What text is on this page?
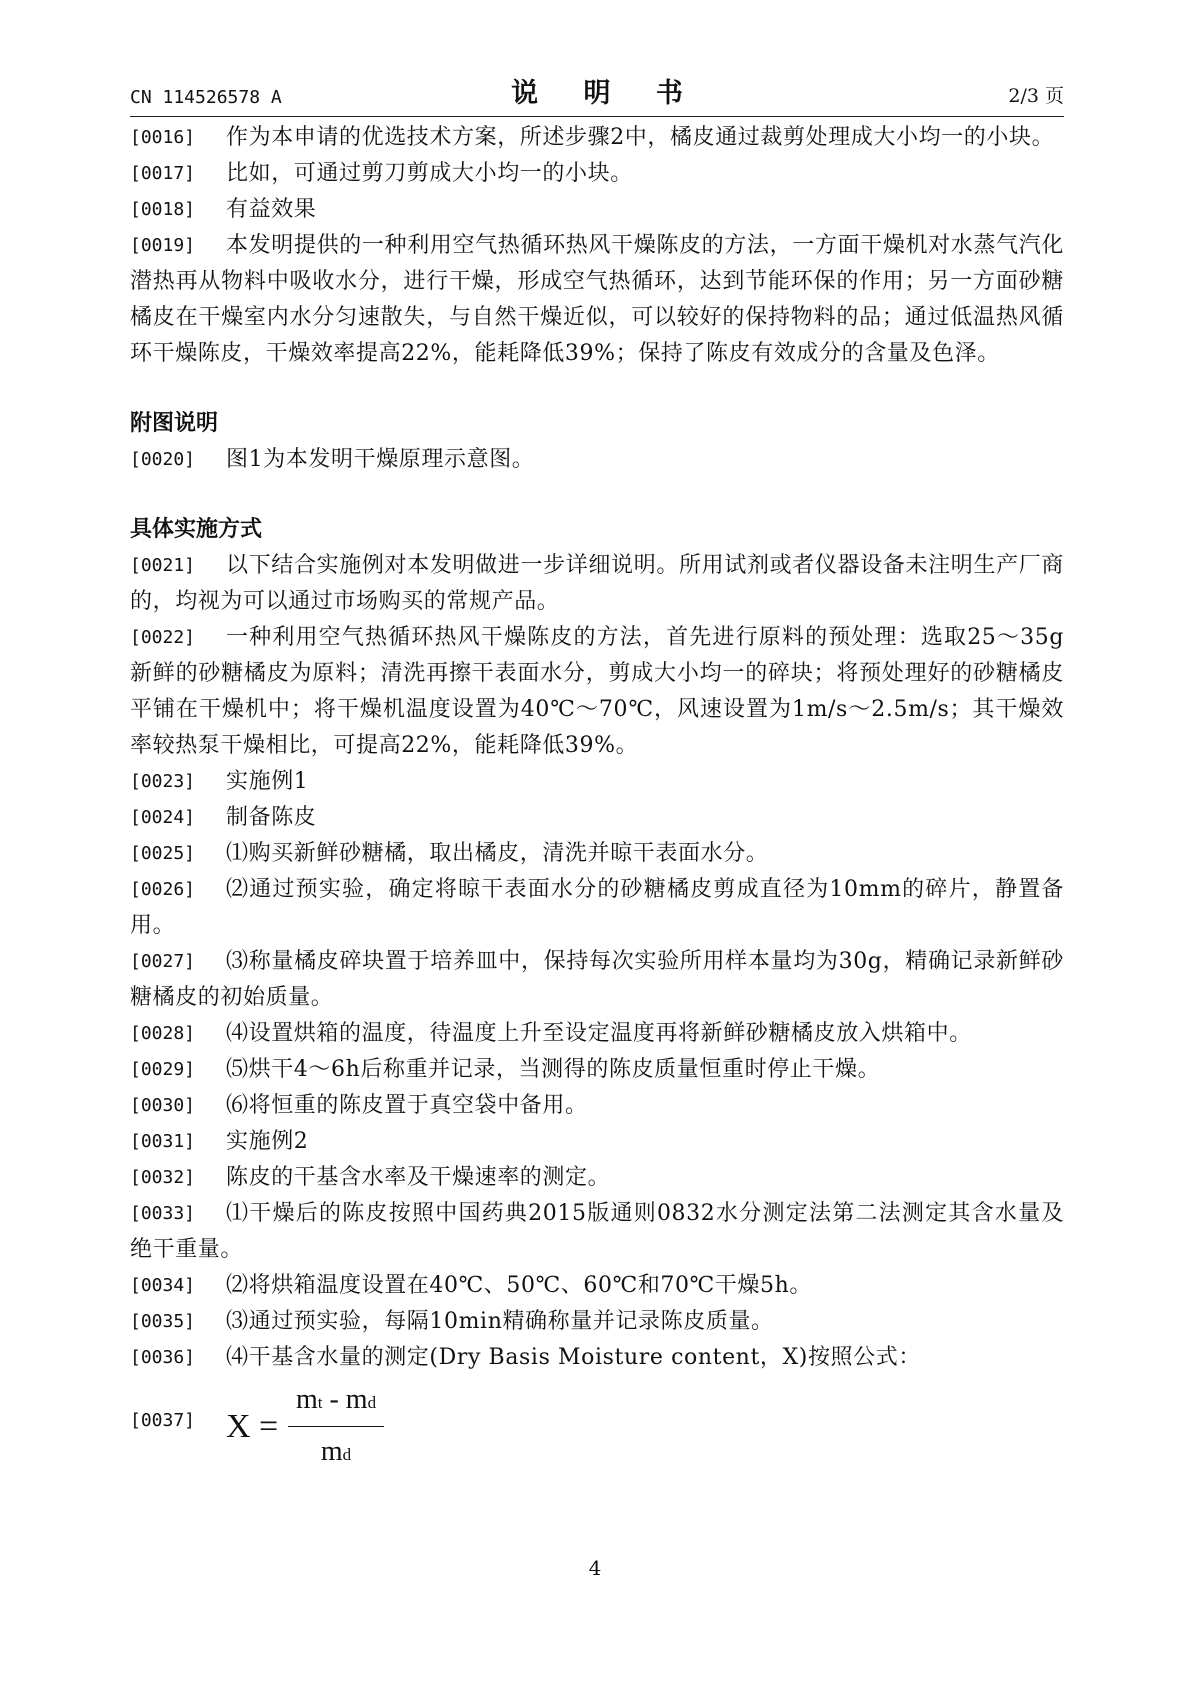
CN 114526578 A	说 明 书	2/3 页
[0016]	作为本申请的优选技术方案，所述步骤2中，橘皮通过裁剪处理成大小均一的小块。
[0017]	比如，可通过剪刀剪成大小均一的小块。
[0018]	有益效果
[0019]	本发明提供的一种利用空气热循环热风干燥陈皮的方法，一方面干燥机对水蒸气汽化潜热再从物料中吸收水分，进行干燥，形成空气热循环，达到节能环保的作用；另一方面砂糖橘皮在干燥室内水分匀速散失，与自然干燥近似，可以较好的保持物料的品；通过低温热风循环干燥陈皮，干燥效率提高22%，能耗降低39%；保持了陈皮有效成分的含量及色泽。
附图说明
[0020]	图1为本发明干燥原理示意图。
具体实施方式
[0021]	以下结合实施例对本发明做进一步详细说明。所用试剂或者仪器设备未注明生产厂商的，均视为可以通过市场购买的常规产品。
[0022]	一种利用空气热循环热风干燥陈皮的方法，首先进行原料的预处理：选取25～35g新鲜的砂糖橘皮为原料；清洗再擦干表面水分，剪成大小均一的碎块；将预处理好的砂糖橘皮平铺在干燥机中；将干燥机温度设置为40℃～70℃，风速设置为1m/s～2.5m/s；其干燥效率较热泵干燥相比，可提高22%，能耗降低39%。
[0023]	实施例1
[0024]	制备陈皮
[0025]	⑴购买新鲜砂糖橘，取出橘皮，清洗并晾干表面水分。
[0026]	⑵通过预实验，确定将晾干表面水分的砂糖橘皮剪成直径为10mm的碎片，静置备用。
[0027]	⑶称量橘皮碎块置于培养皿中，保持每次实验所用样本量均为30g，精确记录新鲜砂糖橘皮的初始质量。
[0028]	⑷设置烘箱的温度，待温度上升至设定温度再将新鲜砂糖橘皮放入烘箱中。
[0029]	⑸烘干4～6h后称重并记录，当测得的陈皮质量恒重时停止干燥。
[0030]	⑹将恒重的陈皮置于真空袋中备用。
[0031]	实施例2
[0032]	陈皮的干基含水率及干燥速率的测定。
[0033]	⑴干燥后的陈皮按照中国药典2015版通则0832水分测定法第二法测定其含水量及绝干重量。
[0034]	⑵将烘箱温度设置在40℃、50℃、60℃和70℃干燥5h。
[0035]	⑶通过预实验，每隔10min精确称量并记录陈皮质量。
[0036]	⑷干基含水量的测定(Dry Basis Moisture content，X)按照公式：
[0037] X =
mt - md
md
4
